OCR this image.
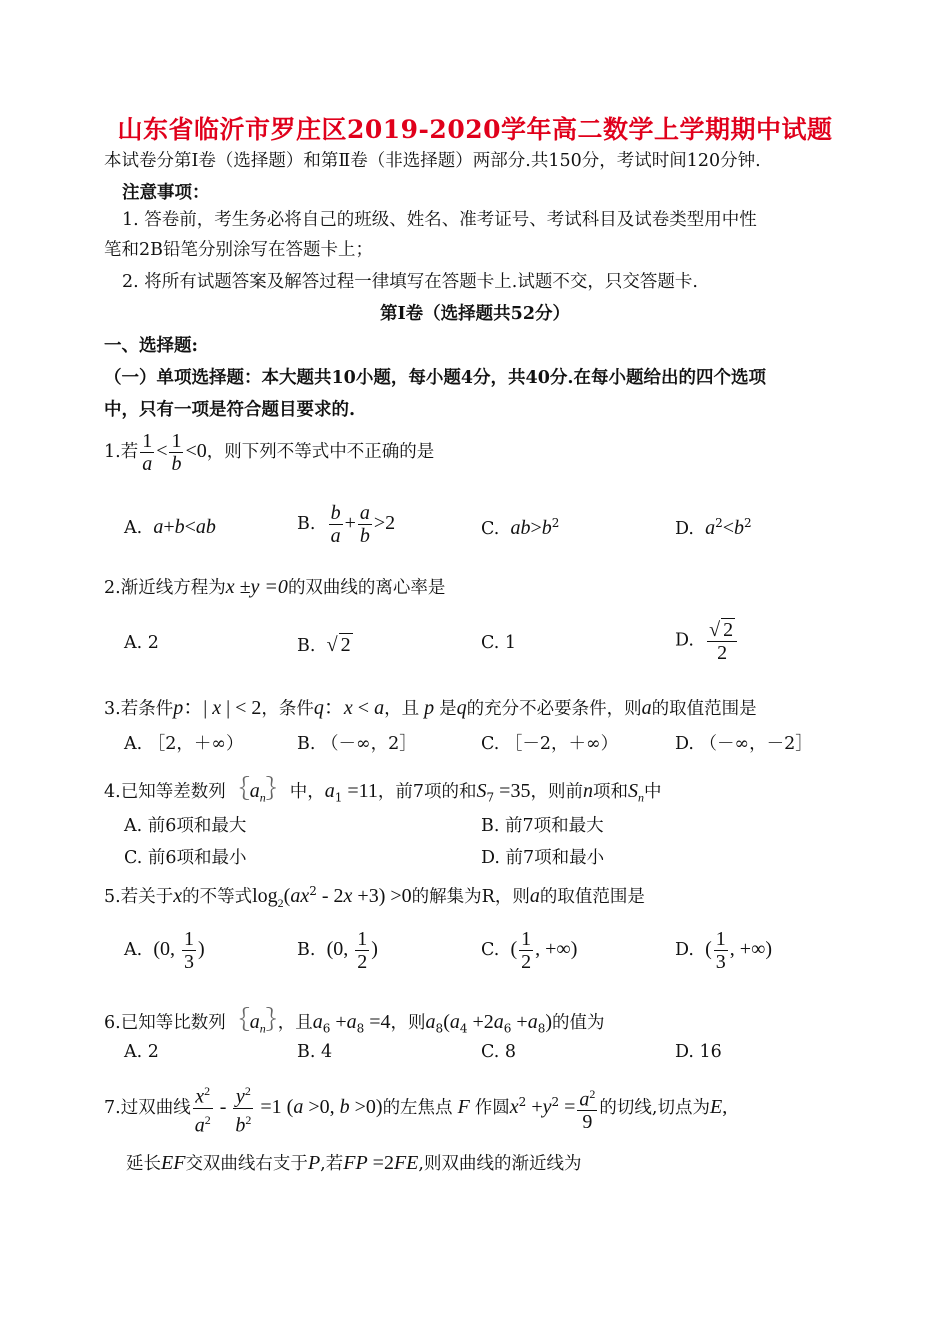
山东省临沂市罗庄区2019-2020学年高二数学上学期期中试题
本试卷分第Ⅰ卷（选择题）和第Ⅱ卷（非选择题）两部分.共150分，考试时间120分钟.
注意事项：
1. 答卷前，考生务必将自己的班级、姓名、准考证号、考试科目及试卷类型用中性
笔和2B铅笔分别涂写在答题卡上；
2. 将所有试题答案及解答过程一律填写在答题卡上.试题不交，只交答题卡.
第Ⅰ卷（选择题共52分）
一、选择题:
（一）单项选择题：本大题共10小题，每小题4分，共40分.在每小题给出的四个选项
中，只有一项是符合题目要求的.
1.若 $\frac{1}{a} < \frac{1}{b} <0$，则下列不等式中不正确的是
A. a+b<ab	B. $\frac{b}{a} + \frac{a}{b} >2$	C. $ab>b^2$	D. $a^2<b^2$
2.渐近线方程为x ±y =0的双曲线的离心率是
A. 2	B. √ 2	C. 1	D. $\frac{√ 2}{2}$
3.若条件p：| x | < 2，条件q：x < a，且 p 是q的充分不必要条件，则a的取值范围是
A. ［2，＋∞）	B. （－∞，2］	C. ［－2，＋∞）	D. （－∞，－2］
4.已知等差数列$\{a_n\}$中，$a_1 =11$，前7项的和$S_7 =35$，则前n项和$S_n$中
A. 前6项和最大	B. 前7项和最大
C. 前6项和最小	D. 前7项和最小
5.若关于x的不等式$\log_2(ax^2 - 2x +3) >0$的解集为R，则a的取值范围是
A. (0, $\frac{1}{3}$ )	B. (0, $\frac{1}{2}$ )	C. ( $\frac{1}{2}$ , +∞)	D. ( $\frac{1}{3}$ , +∞)
6.已知等比数列$\{a_n\}$，且$a_6 +a_8 =4$，则$a_8(a_4 +2a_6 +a_8)$的值为
A. 2	B. 4	C. 8	D. 16
7.过双曲线 $\frac{x^2}{a^2} - \frac{y^2}{b^2} =1$ (a >0, b >0)的左焦点 F 作圆$x^2 +y^2 = \frac{a^2}{9}$ 的切线,切点为E,
延长EF交双曲线右支于P,若FP =2FE,则双曲线的渐近线为
